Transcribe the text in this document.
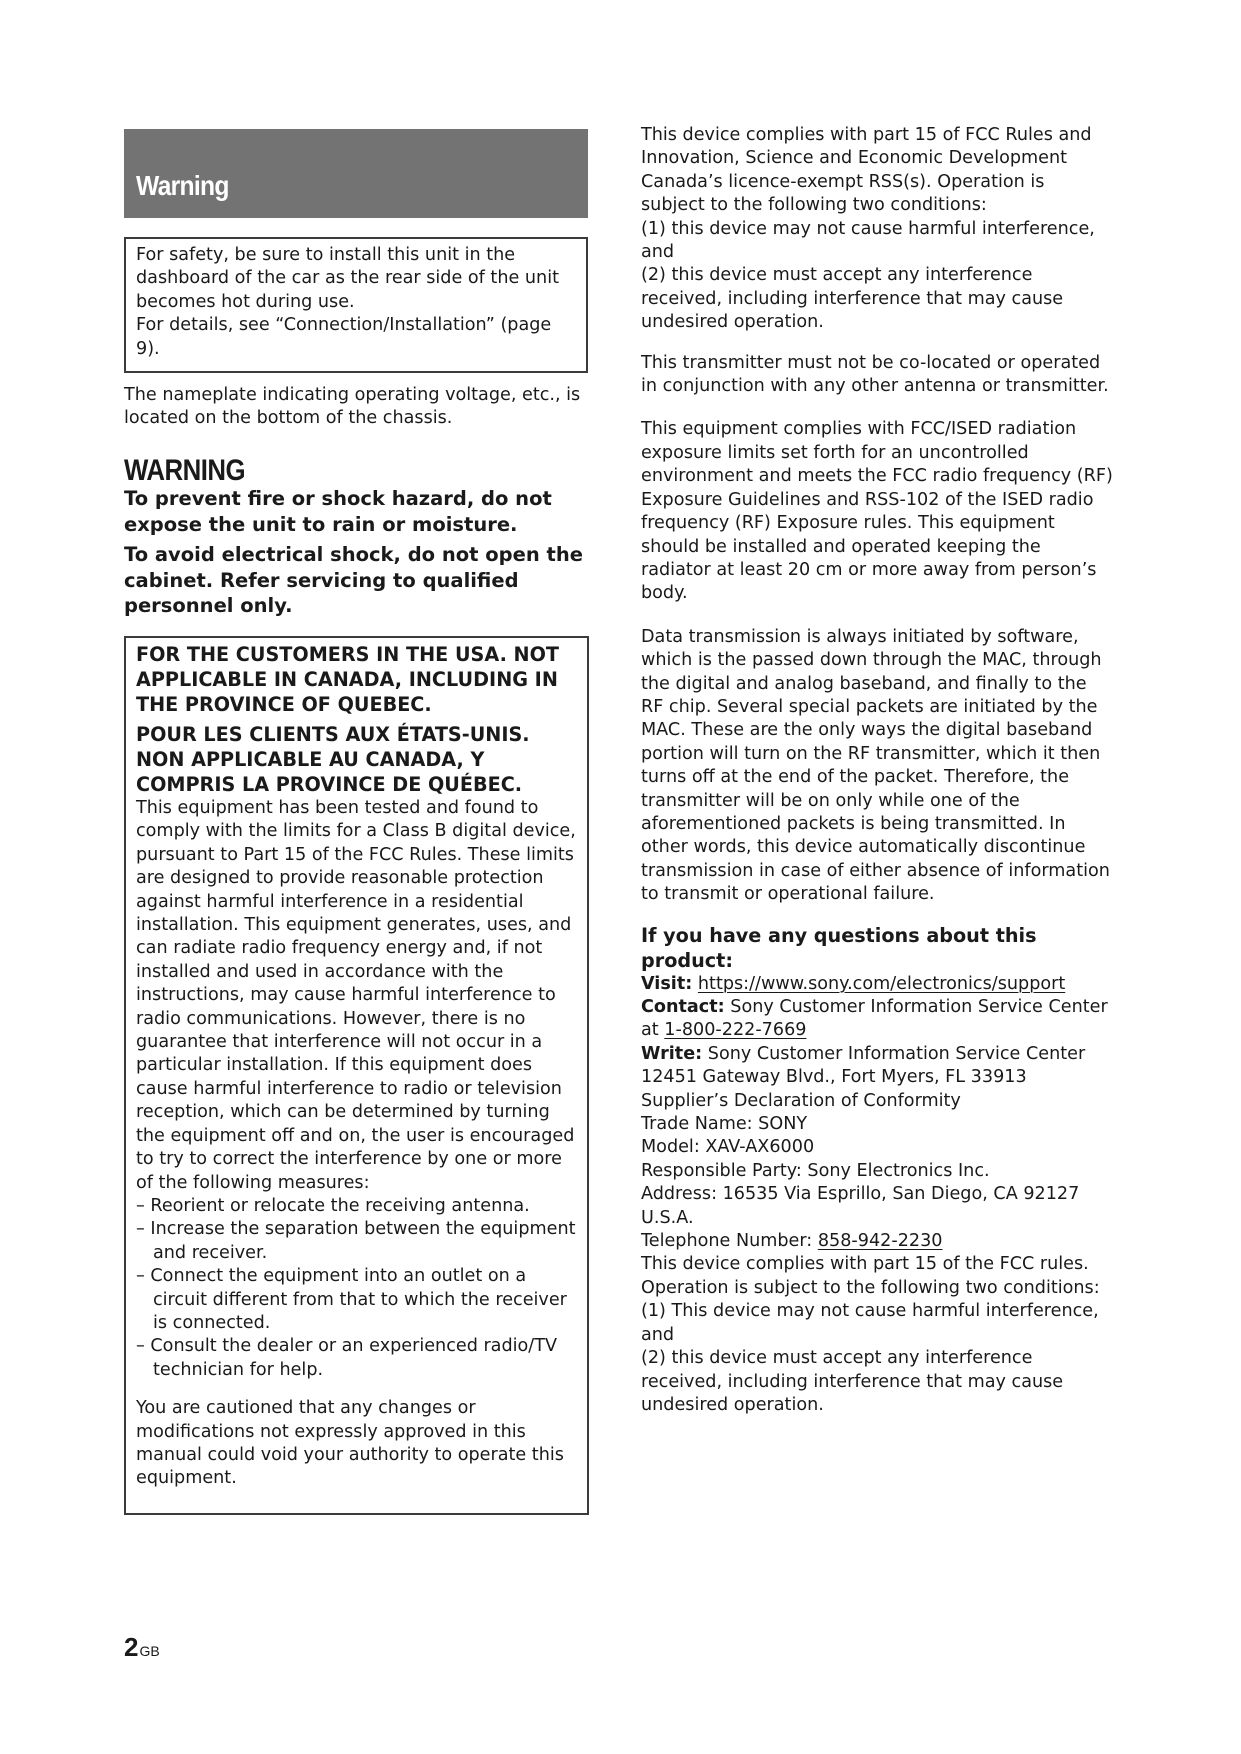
Warning

For safety, be sure to install this unit in the dashboard of the car as the rear side of the unit becomes hot during use.

For details, see “Connection/Installation” (page 9).

The nameplate indicating operating voltage, etc., is located on the bottom of the chassis.

WARNING

To prevent fire or shock hazard, do not expose the unit to rain or moisture.

To avoid electrical shock, do not open the cabinet. Refer servicing to qualified personnel only.

FOR THE CUSTOMERS IN THE USA. NOT APPLICABLE IN CANADA, INCLUDING IN THE PROVINCE OF QUEBEC.

POUR LES CLIENTS AUX ÉTATS-UNIS. NON APPLICABLE AU CANADA, Y COMPRIS LA PROVINCE DE QUÉBEC.

This equipment has been tested and found to comply with the limits for a Class B digital device, pursuant to Part 15 of the FCC Rules. These limits are designed to provide reasonable protection against harmful interference in a residential installation. This equipment generates, uses, and can radiate radio frequency energy and, if not installed and used in accordance with the instructions, may cause harmful interference to radio communications. However, there is no guarantee that interference will not occur in a particular installation. If this equipment does cause harmful interference to radio or television reception, which can be determined by turning the equipment off and on, the user is encouraged to try to correct the interference by one or more of the following measures:

– Reorient or relocate the receiving antenna.
– Increase the separation between the equipment and receiver.
– Connect the equipment into an outlet on a circuit different from that to which the receiver is connected.
– Consult the dealer or an experienced radio/TV technician for help.

You are cautioned that any changes or modifications not expressly approved in this manual could void your authority to operate this equipment.

This device complies with part 15 of FCC Rules and Innovation, Science and Economic Development Canada’s licence-exempt RSS(s). Operation is subject to the following two conditions:

(1) this device may not cause harmful interference, and

(2) this device must accept any interference received, including interference that may cause undesired operation.

This transmitter must not be co-located or operated in conjunction with any other antenna or transmitter.

This equipment complies with FCC/ISED radiation exposure limits set forth for an uncontrolled environment and meets the FCC radio frequency (RF) Exposure Guidelines and RSS-102 of the ISED radio frequency (RF) Exposure rules. This equipment should be installed and operated keeping the radiator at least 20 cm or more away from person’s body.

Data transmission is always initiated by software, which is the passed down through the MAC, through the digital and analog baseband, and finally to the RF chip. Several special packets are initiated by the MAC. These are the only ways the digital baseband portion will turn on the RF transmitter, which it then turns off at the end of the packet. Therefore, the transmitter will be on only while one of the aforementioned packets is being transmitted. In other words, this device automatically discontinue transmission in case of either absence of information to transmit or operational failure.

If you have any questions about this product:

Visit: https://www.sony.com/electronics/support

Contact: Sony Customer Information Service Center at 1-800-222-7669

Write: Sony Customer Information Service Center

12451 Gateway Blvd., Fort Myers, FL 33913

Supplier’s Declaration of Conformity

Trade Name: SONY

Model: XAV-AX6000

Responsible Party: Sony Electronics Inc.

Address: 16535 Via Esprillo, San Diego, CA 92127 U.S.A.

Telephone Number: 858-942-2230

This device complies with part 15 of the FCC rules. Operation is subject to the following two conditions:

(1) This device may not cause harmful interference, and

(2) this device must accept any interference received, including interference that may cause undesired operation.

2GB
